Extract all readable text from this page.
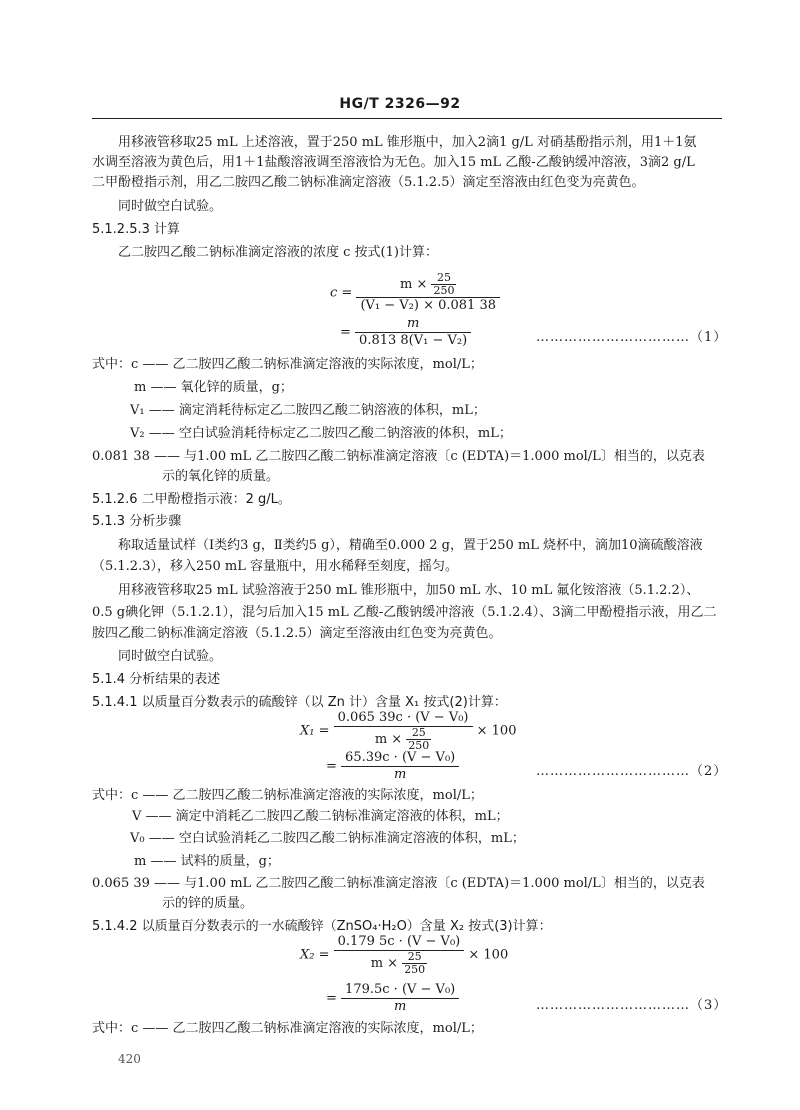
HG/T 2326—92
用移液管移取25 mL 上述溶液，置于250 mL 锥形瓶中，加入2滴1 g/L 对硝基酚指示剂，用1＋1氨
水调至溶液为黄色后，用1＋1盐酸溶液调至溶液恰为无色。加入15 mL 乙酸-乙酸钠缓冲溶液，3滴2 g/L
二甲酚橙指示剂，用乙二胺四乙酸二钠标准滴定溶液（5.1.2.5）滴定至溶液由红色变为亮黄色。
同时做空白试验。
5.1.2.5.3 计算
乙二胺四乙酸二钠标准滴定溶液的浓度 c 按式(1)计算：
$c = \frac{m \times \frac{25}{250}}{\text{(V₁ − V₂) × 0.081 38}}$
= $\frac{m}{\text{0.813 8(V₁ − V₂)}}$	……………………………（1）
式中：c —— 乙二胺四乙酸二钠标准滴定溶液的实际浓度，mol/L；
m —— 氧化锌的质量，g；
V₁ —— 滴定消耗待标定乙二胺四乙酸二钠溶液的体积，mL；
V₂ —— 空白试验消耗待标定乙二胺四乙酸二钠溶液的体积，mL；
0.081 38 —— 与1.00 mL 乙二胺四乙酸二钠标准滴定溶液〔c (EDTA)＝1.000 mol/L〕相当的，以克表
示的氧化锌的质量。
5.1.2.6 二甲酚橙指示液：2 g/L。
5.1.3 分析步骤
称取适量试样（Ⅰ类约3 g，Ⅱ类约5 g），精确至0.000 2 g，置于250 mL 烧杯中，滴加10滴硫酸溶液
（5.1.2.3），移入250 mL 容量瓶中，用水稀释至刻度，摇匀。
用移液管移取25 mL 试验溶液于250 mL 锥形瓶中，加50 mL 水、10 mL 氟化铵溶液（5.1.2.2）、
0.5 g碘化钾（5.1.2.1），混匀后加入15 mL 乙酸-乙酸钠缓冲溶液（5.1.2.4）、3滴二甲酚橙指示液，用乙二
胺四乙酸二钠标准滴定溶液（5.1.2.5）滴定至溶液由红色变为亮黄色。
同时做空白试验。
5.1.4 分析结果的表述
5.1.4.1 以质量百分数表示的硫酸锌（以 Zn 计）含量 X₁ 按式(2)计算：
$X_1 = \frac{\text{0.065 39c · (V − V₀)}}{m \times \frac{25}{250}} \times 100$
= $\frac{\text{65.39c · (V − V₀)}}{m}$	……………………………（2）
式中：c —— 乙二胺四乙酸二钠标准滴定溶液的实际浓度，mol/L；
V —— 滴定中消耗乙二胺四乙酸二钠标准滴定溶液的体积，mL；
V₀ —— 空白试验消耗乙二胺四乙酸二钠标准滴定溶液的体积，mL；
m —— 试料的质量，g；
0.065 39 —— 与1.00 mL 乙二胺四乙酸二钠标准滴定溶液〔c (EDTA)＝1.000 mol/L〕相当的，以克表
示的锌的质量。
5.1.4.2 以质量百分数表示的一水硫酸锌（ZnSO₄·H₂O）含量 X₂ 按式(3)计算：
$X_2 = \frac{\text{0.179 5c · (V − V₀)}}{m \times \frac{25}{250}} \times 100$
= $\frac{\text{179.5c · (V − V₀)}}{m}$	……………………………（3）
式中：c —— 乙二胺四乙酸二钠标准滴定溶液的实际浓度，mol/L；
420
